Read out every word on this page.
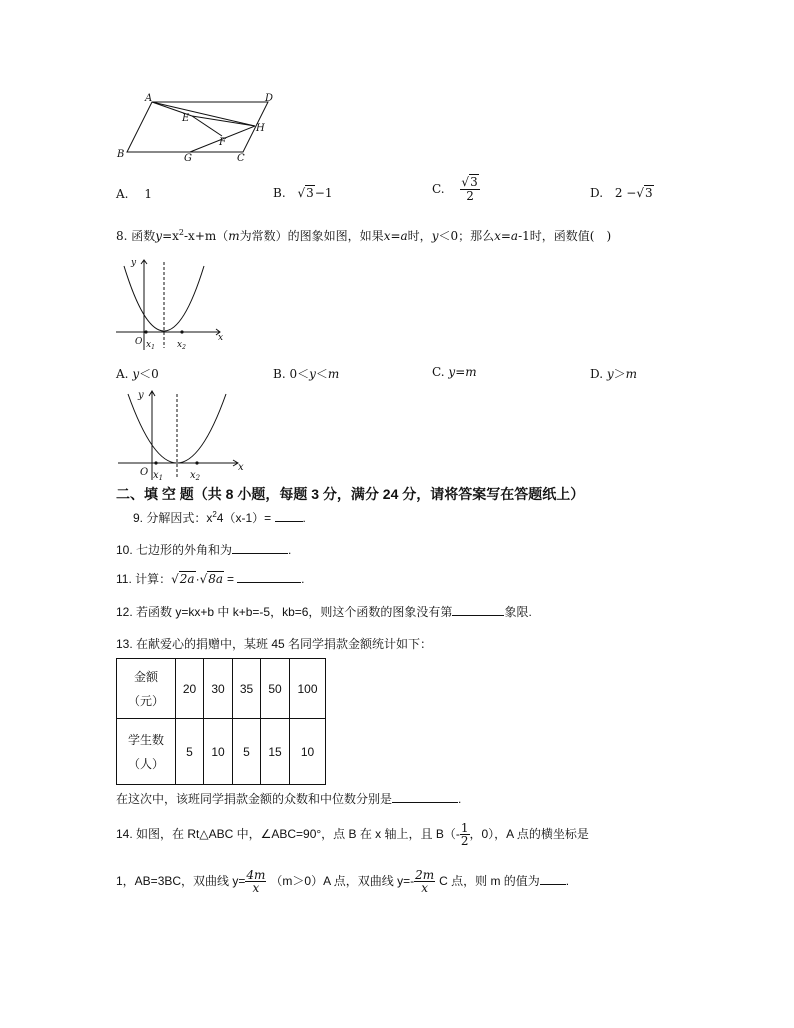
A	D
E
H
F
B	G	C
A. 1	B. √3−1	C. $\frac{√3}{2}$	D. 2 −√3
8. 函数$y=x^2-x+m(m$为常数）的图象如图，如果x=a时，y＜0；那么x=a-1时，函数值(　)
y
x
O $x_1$ $x_2$
A. y＜0	B. 0＜y＜m	C. y=m	D. y＞m
y
x
O $x_1$	$x_2$
二、填 空 题（共 8 小题，每题 3 分，满分 24 分，请将答案写在答题纸上）
9. 分解因式：$x^24(x-1)=$	.
10. 七边形的外角和为	.
11. 计算：√2a·√8a =	.
12. 若函数 y=kx+b 中 k+b=-5，kb=6，则这个函数的图象没有第	象限.
13. 在献爱心的捐赠中，某班 45 名同学捐款金额统计如下：
金额
（元）	20	30	35	50	100

学生数
（人）	5	10	5	15	10
在这次中，该班同学捐款金额的众数和中位数分别是	.
14. 如图，在 Rt△ABC 中，∠ABC=90°，点 B 在 x 轴上，且 $B(- \frac{1}{2}$ ，0），A 点的横坐标是
1，AB=3BC，双曲线 $y= \frac{4m}{x} (m>0)A$ 点，双曲线 $y=- \frac{2m}{x}$ C 点，则 m 的值为 .
